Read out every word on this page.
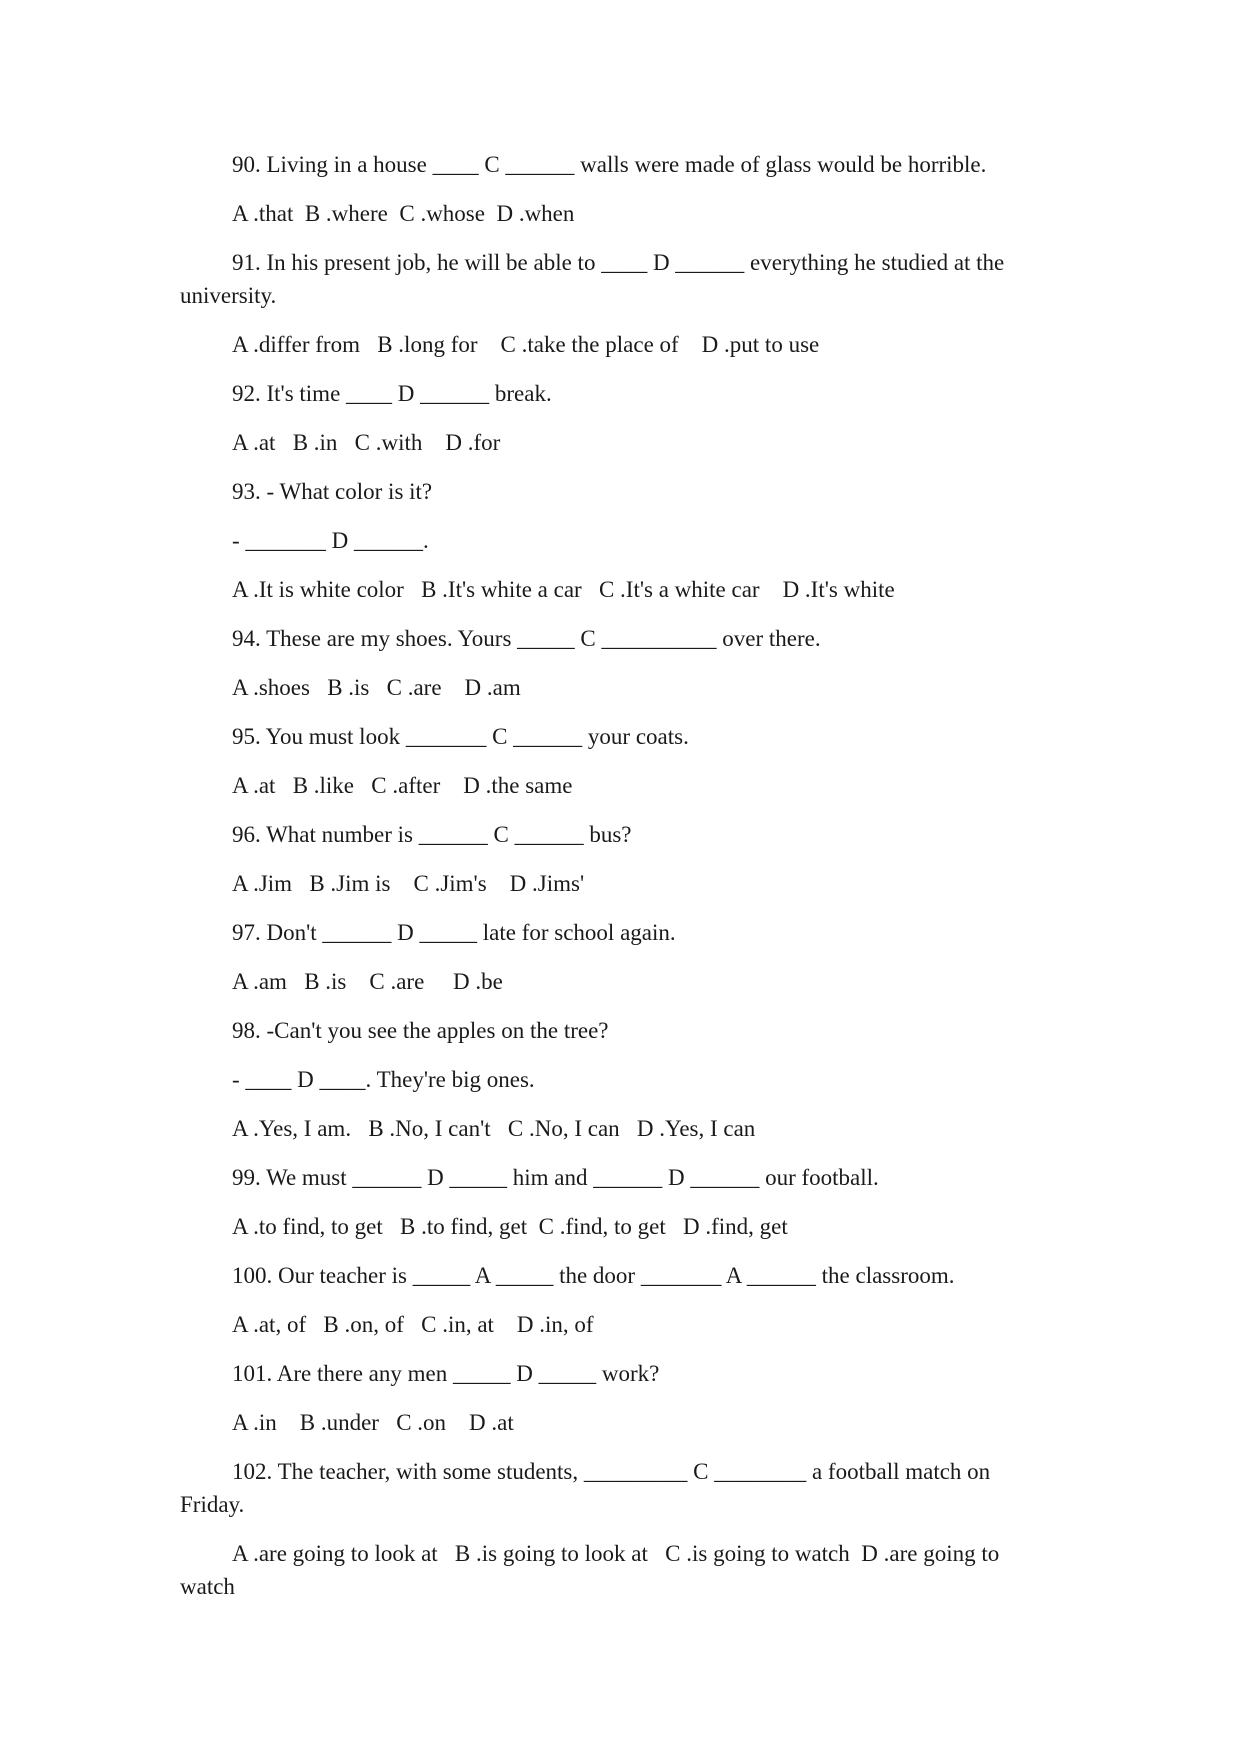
90. Living in a house ____ C ______ walls were made of glass would be horrible.

A .that  B .where  C .whose  D .when

91. In his present job, he will be able to ____ D ______ everything he studied at the university.

A .differ from   B .long for    C .take the place of    D .put to use

92. It's time ____ D ______ break.

A .at   B .in   C .with    D .for

93. - What color is it?

- _______ D ______.

A .It is white color   B .It's white a car   C .It's a white car    D .It's white

94. These are my shoes. Yours _____ C __________ over there.

A .shoes   B .is   C .are    D .am

95. You must look _______ C ______ your coats.

A .at   B .like   C .after    D .the same

96. What number is ______ C ______ bus?

A .Jim   B .Jim is    C .Jim's    D .Jims'

97. Don't ______ D _____ late for school again.

A .am   B .is    C .are     D .be

98. -Can't you see the apples on the tree?

- ____ D ____. They're big ones.

A .Yes, I am.   B .No, I can't   C .No, I can   D .Yes, I can

99. We must ______ D _____ him and ______ D ______ our football.

A .to find, to get   B .to find, get  C .find, to get   D .find, get

100. Our teacher is _____ A _____ the door _______ A ______ the classroom.

A .at, of   B .on, of   C .in, at    D .in, of

101. Are there any men _____ D _____ work?

A .in    B .under   C .on    D .at

102. The teacher, with some students, _________ C ________ a football match on Friday.

A .are going to look at   B .is going to look at   C .is going to watch  D .are going to watch
